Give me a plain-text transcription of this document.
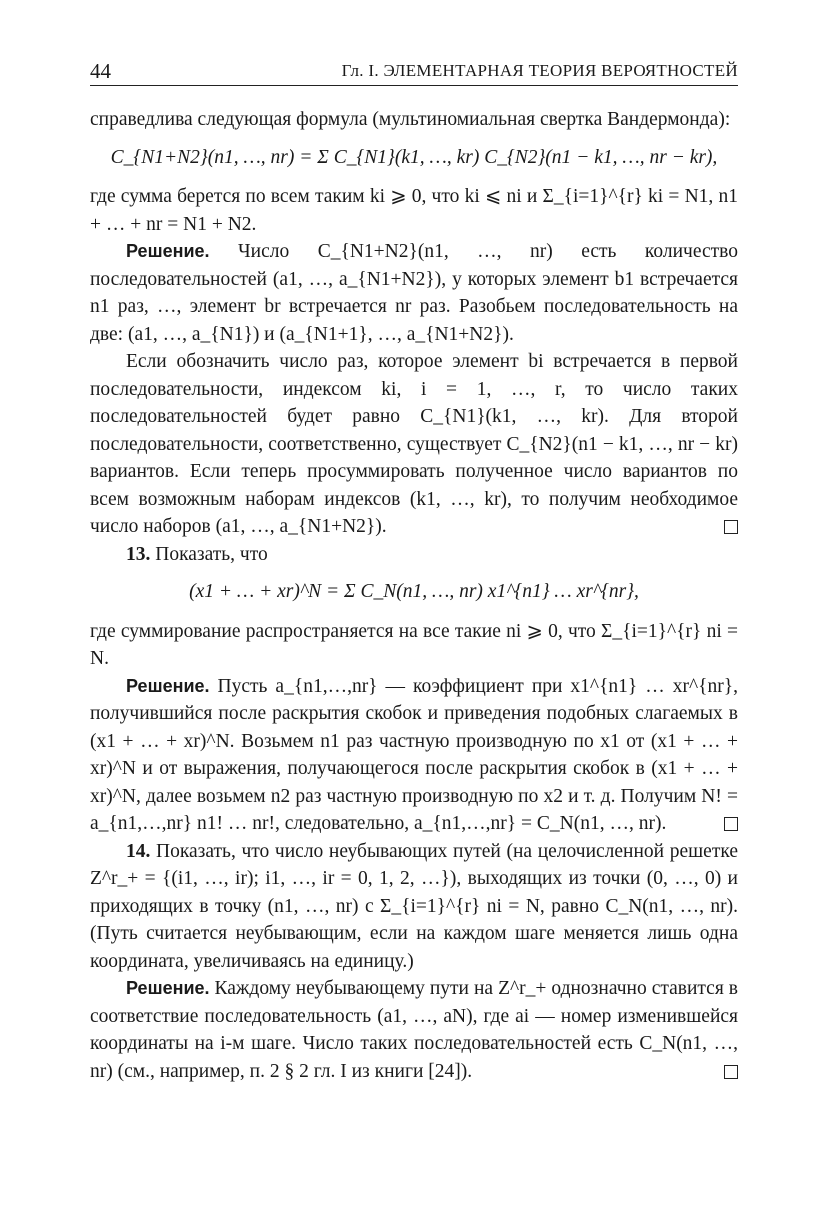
44	Гл. I. ЭЛЕМЕНТАРНАЯ ТЕОРИЯ ВЕРОЯТНОСТЕЙ

справедлива следующая формула (мультиномиальная свертка Вандермонда):

C_{N1+N2}(n1, …, nr) = Σ C_{N1}(k1, …, kr) C_{N2}(n1 − k1, …, nr − kr),

где сумма берется по всем таким ki ⩾ 0, что ki ⩽ ni и Σ_{i=1}^{r} ki = N1, n1 + … + nr = N1 + N2.

Решение. Число C_{N1+N2}(n1, …, nr) есть количество последовательностей (a1, …, a_{N1+N2}), у которых элемент b1 встречается n1 раз, …, элемент br встречается nr раз. Разобьем последовательность на две: (a1, …, a_{N1}) и (a_{N1+1}, …, a_{N1+N2}).

Если обозначить число раз, которое элемент bi встречается в первой последовательности, индексом ki, i = 1, …, r, то число таких последовательностей будет равно C_{N1}(k1, …, kr). Для второй последовательности, соответственно, существует C_{N2}(n1 − k1, …, nr − kr) вариантов. Если теперь просуммировать полученное число вариантов по всем возможным наборам индексов (k1, …, kr), то получим необходимое число наборов (a1, …, a_{N1+N2}).

13. Показать, что

(x1 + … + xr)^N = Σ C_N(n1, …, nr) x1^{n1} … xr^{nr},

где суммирование распространяется на все такие ni ⩾ 0, что Σ_{i=1}^{r} ni = N.

Решение. Пусть a_{n1,…,nr} — коэффициент при x1^{n1} … xr^{nr}, получившийся после раскрытия скобок и приведения подобных слагаемых в (x1 + … + xr)^N. Возьмем n1 раз частную производную по x1 от (x1 + … + xr)^N и от выражения, получающегося после раскрытия скобок в (x1 + … + xr)^N, далее возьмем n2 раз частную производную по x2 и т. д. Получим N! = a_{n1,…,nr} n1! … nr!, следовательно, a_{n1,…,nr} = C_N(n1, …, nr).

14. Показать, что число неубывающих путей (на целочисленной решетке Z^r_+ = {(i1, …, ir); i1, …, ir = 0, 1, 2, …}), выходящих из точки (0, …, 0) и приходящих в точку (n1, …, nr) с Σ_{i=1}^{r} ni = N, равно C_N(n1, …, nr). (Путь считается неубывающим, если на каждом шаге меняется лишь одна координата, увеличиваясь на единицу.)

Решение. Каждому неубывающему пути на Z^r_+ однозначно ставится в соответствие последовательность (a1, …, aN), где ai — номер изменившейся координаты на i-м шаге. Число таких последовательностей есть C_N(n1, …, nr) (см., например, п. 2 § 2 гл. I из книги [24]).
